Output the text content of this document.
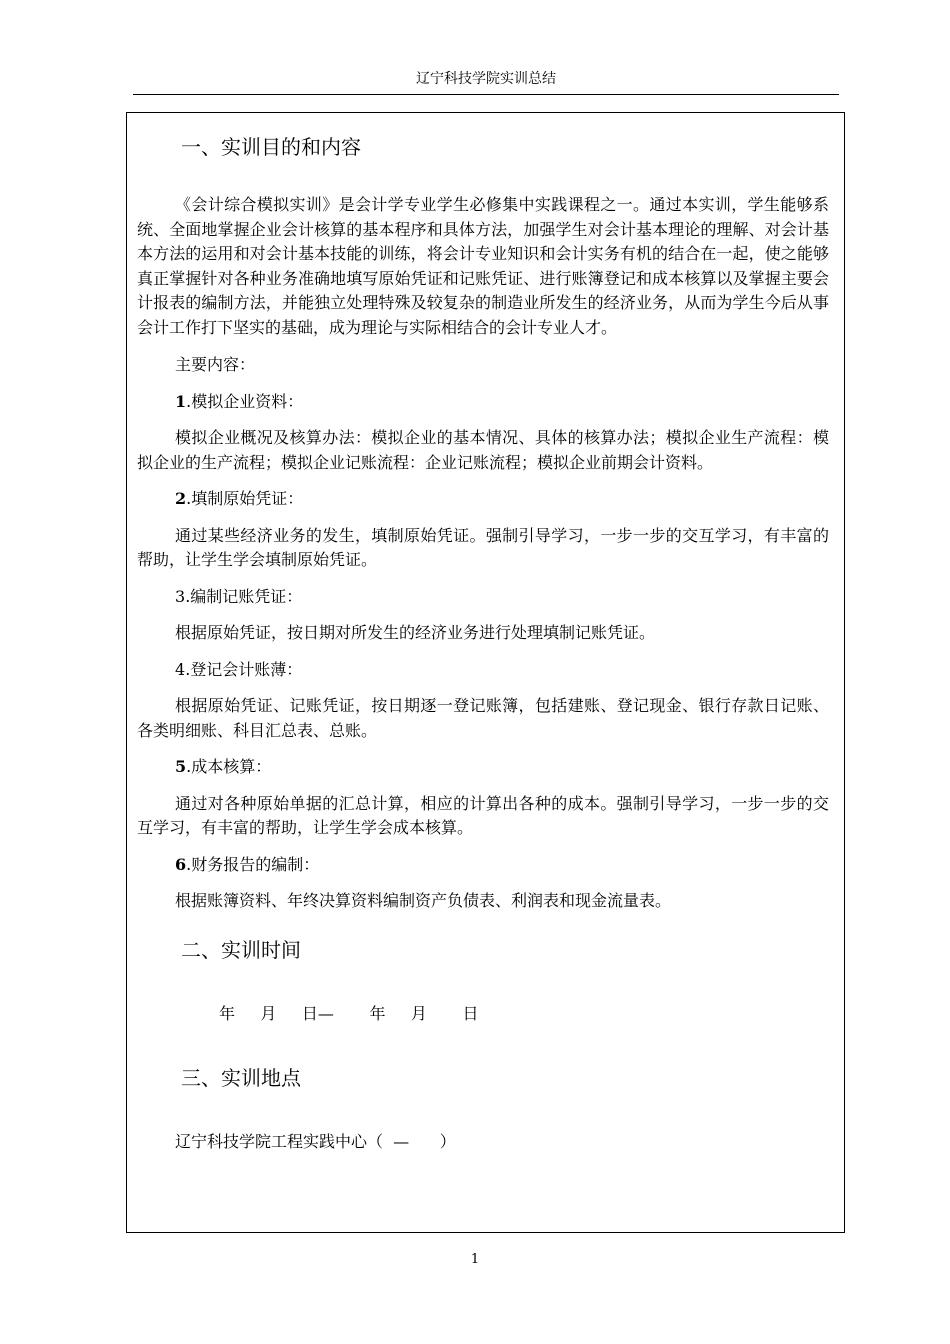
辽宁科技学院实训总结
一、实训目的和内容

《会计综合模拟实训》是会计学专业学生必修集中实践课程之一。通过本实训，学生能够系统、全面地掌握企业会计核算的基本程序和具体方法，加强学生对会计基本理论的理解、对会计基本方法的运用和对会计基本技能的训练，将会计专业知识和会计实务有机的结合在一起，使之能够真正掌握针对各种业务准确地填写原始凭证和记账凭证、进行账簿登记和成本核算以及掌握主要会计报表的编制方法，并能独立处理特殊及较复杂的制造业所发生的经济业务，从而为学生今后从事会计工作打下坚实的基础，成为理论与实际相结合的会计专业人才。

主要内容：

1.模拟企业资料：

模拟企业概况及核算办法：模拟企业的基本情况、具体的核算办法；模拟企业生产流程：模拟企业的生产流程；模拟企业记账流程：企业记账流程；模拟企业前期会计资料。

2.填制原始凭证：

通过某些经济业务的发生，填制原始凭证。强制引导学习，一步一步的交互学习，有丰富的帮助，让学生学会填制原始凭证。

3.编制记账凭证：

根据原始凭证，按日期对所发生的经济业务进行处理填制记账凭证。

4.登记会计账薄：

根据原始凭证、记账凭证，按日期逐一登记账簿，包括建账、登记现金、银行存款日记账、各类明细账、科目汇总表、总账。

5.成本核算：

通过对各种原始单据的汇总计算，相应的计算出各种的成本。强制引导学习，一步一步的交互学习，有丰富的帮助，让学生学会成本核算。

6.财务报告的编制：

根据账簿资料、年终决算资料编制资产负债表、利润表和现金流量表。

二、实训时间
年     月     日—       年     月       日
三、实训地点
辽宁科技学院工程实践中心（  —      ）
1
